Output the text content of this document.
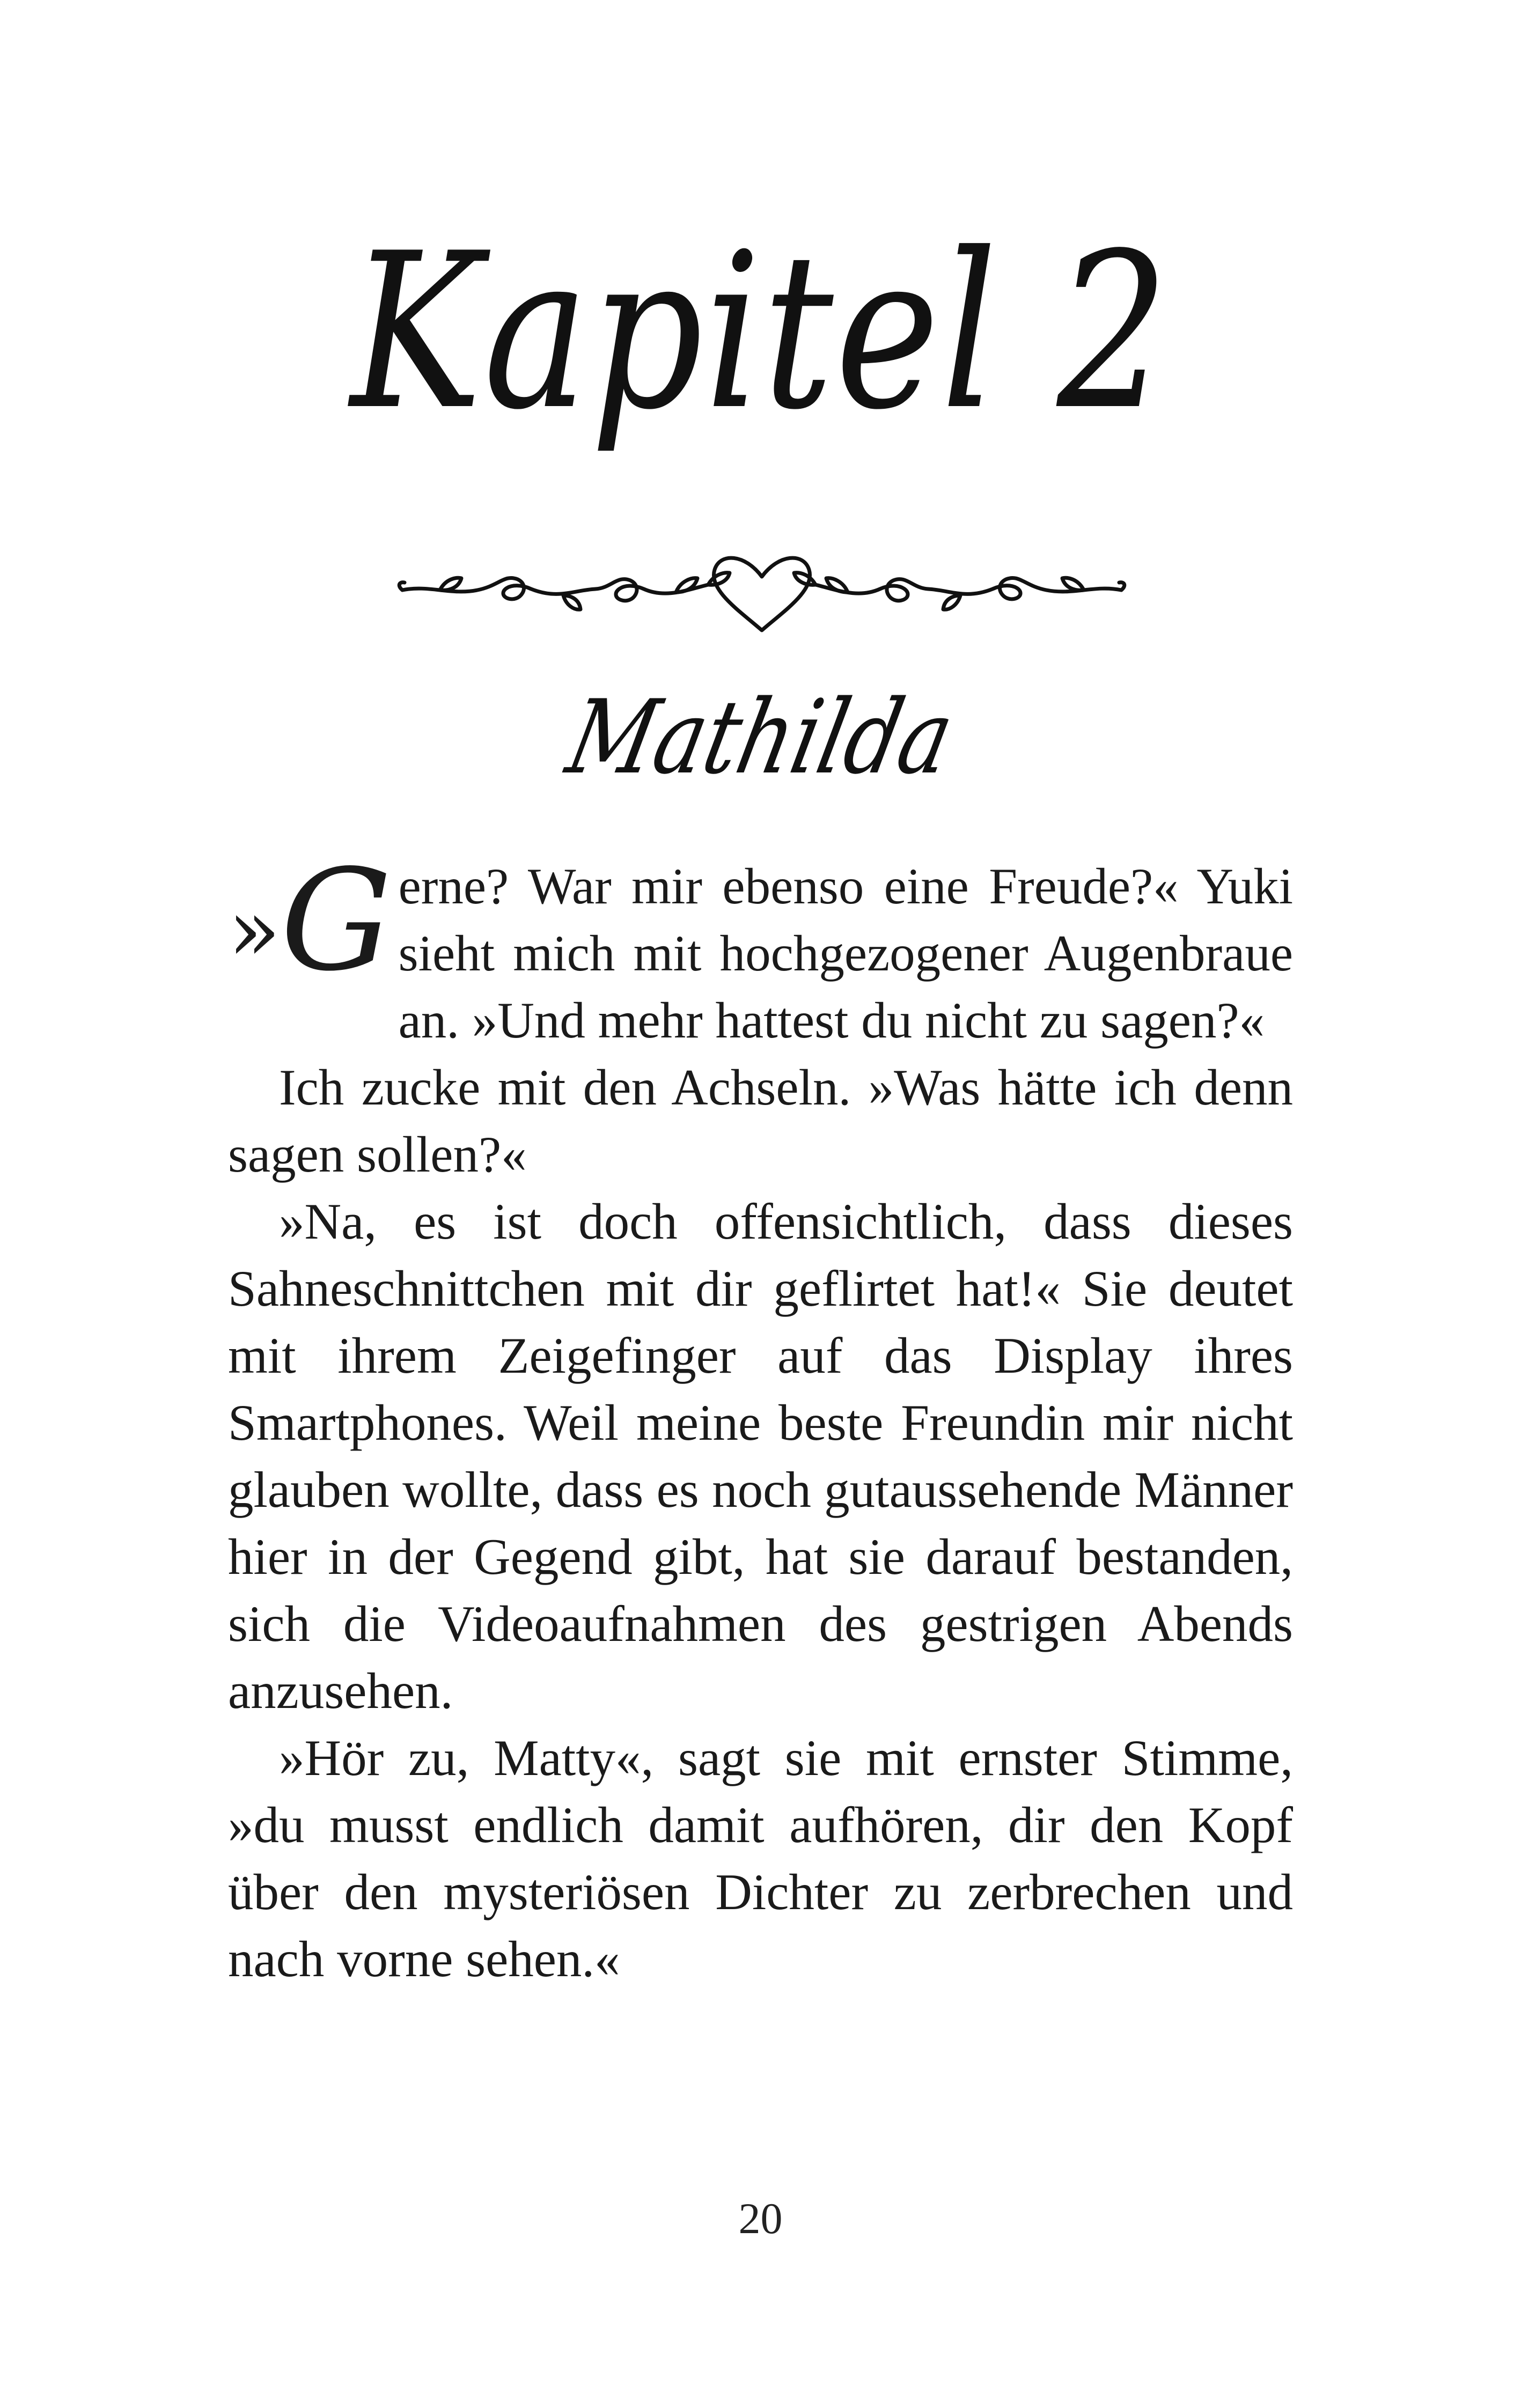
Kapitel 2
Mathilda

» G erne? War mir ebenso eine Freude?« Yuki sieht mich mit hochgezogener Augenbraue an. »Und mehr hattest du nicht zu sagen?«

Ich zucke mit den Achseln. »Was hätte ich denn sagen sollen?«

»Na, es ist doch offensichtlich, dass dieses Sahneschnittchen mit dir geflirtet hat!« Sie deutet mit ihrem Zeigefinger auf das Display ihres Smartphones. Weil meine beste Freundin mir nicht glauben wollte, dass es noch gutaussehende Männer hier in der Gegend gibt, hat sie darauf bestanden, sich die Videoaufnahmen des gestrigen Abends anzusehen.

»Hör zu, Matty«, sagt sie mit ernster Stimme, »du musst endlich damit aufhören, dir den Kopf über den mysteriösen Dichter zu zerbrechen und nach vorne sehen.«

20
